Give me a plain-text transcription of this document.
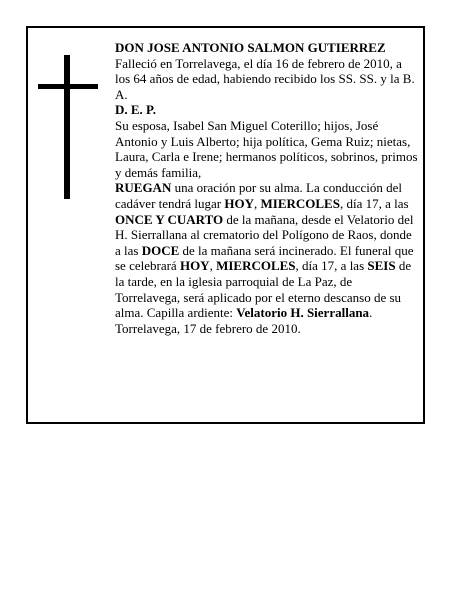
DON JOSE ANTONIO SALMON GUTIERREZ

Falleció en Torrelavega, el día 16 de febrero de 2010, a los 64 años de edad, habiendo recibido los SS. SS. y la B. A.

D. E. P.

Su esposa, Isabel San Miguel Coterillo; hijos, José Antonio y Luis Alberto; hija política, Gema Ruiz; nietas, Laura, Carla e Irene; hermanos políticos, sobrinos, primos y demás familia,

RUEGAN una oración por su alma. La conducción del cadáver tendrá lugar HOY, MIERCOLES, día 17, a las ONCE Y CUARTO de la mañana, desde el Velatorio del H. Sierrallana al crematorio del Polígono de Raos, donde a las DOCE de la mañana será incinerado. El funeral que se celebrará HOY, MIERCOLES, día 17, a las SEIS de la tarde, en la iglesia parroquial de La Paz, de Torrelavega, será aplicado por el eterno descanso de su alma. Capilla ardiente: Velatorio H. Sierrallana.

Torrelavega, 17 de febrero de 2010.
